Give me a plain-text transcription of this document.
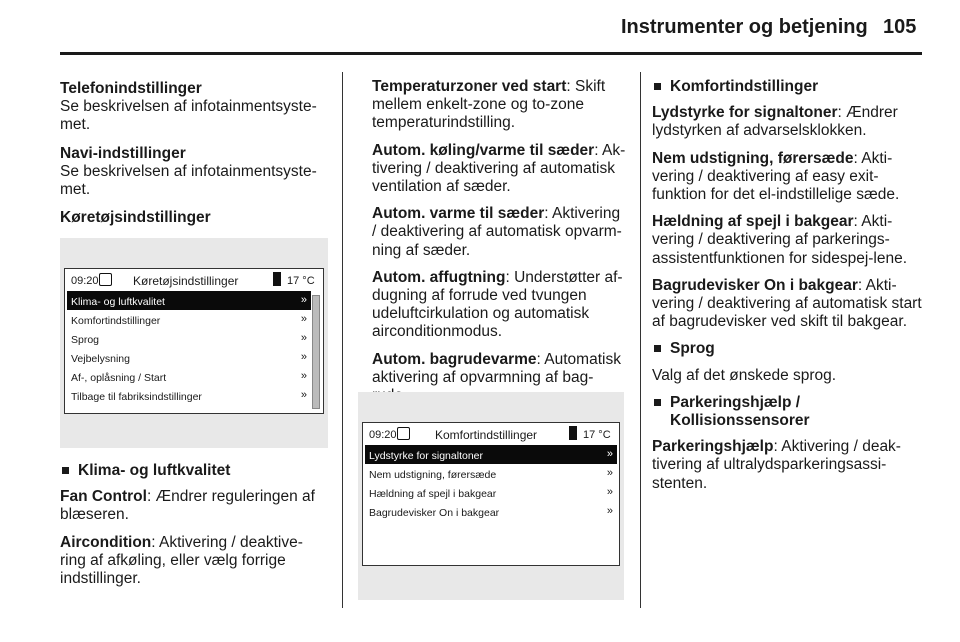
Instrumenter og betjening 105
Telefonindstillinger

Se beskrivelsen af infotainmentsyste-met.

Navi-indstillinger

Se beskrivelsen af infotainmentsyste-met.

Køretøjsindstillinger
09:20	Køretøjsindstillinger	17 °C
Klima- og luftkvalitet	»
Komfortindstillinger	»
Sprog	»
Vejbelysning	»
Af-, oplåsning / Start	»
Tilbage til fabriksindstillinger	»
Klima- og luftkvalitet

Fan Control: Ændrer reguleringen af blæseren.

Aircondition: Aktivering / deaktive-ring af afkøling, eller vælg forrige indstillinger.

Temperaturzoner ved start: Skift mellem enkelt-zone og to-zone temperaturindstilling.

Autom. køling/varme til sæder: Ak-tivering / deaktivering af automatisk ventilation af sæder.

Autom. varme til sæder: Aktivering / deaktivering af automatisk opvarm-ning af sæder.

Autom. affugtning: Understøtter af-dugning af forrude ved tvungen udeluftcirkulation og automatisk airconditionmodus.

Autom. bagrudevarme: Automatisk aktivering af opvarmning af bag-

09:20	Komfortindstillinger	17 °C
Lydstyrke for signaltoner	»
Nem udstigning, førersæde	»
Hældning af spejl i bakgear	»
Bagrudevisker On i bakgear	»
Komfortindstillinger

Lydstyrke for signaltoner: Ændrer lydstyrken af advarselsklokken.

Nem udstigning, førersæde: Akti-vering / deaktivering af easy exit-funktion for det el-indstillelige sæde.

Hældning af spejl i bakgear: Akti-vering / deaktivering af parkerings-assistentfunktionen for sidespej-lene.

Bagrudevisker On i bakgear: Akti-vering / deaktivering af automatisk start af bagrudevisker ved skift til bakgear.

Sprog

Valg af det ønskede sprog.

Parkeringshjælp / Kollisionssensorer

Parkeringshjælp: Aktivering / deak-tivering af ultralydsparkeringsassi-stenten.
